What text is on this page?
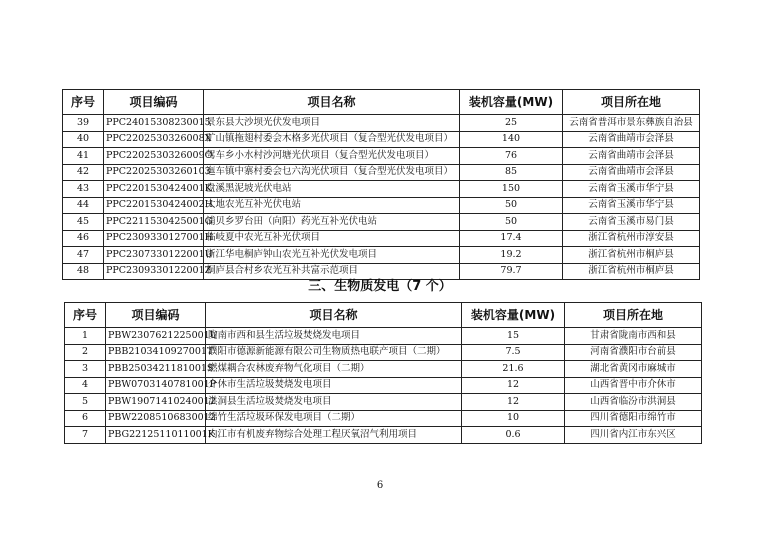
序号	项目编码	项目名称	装机容量(MW)	项目所在地
39	PPC24015308230015	景东县大沙坝光伏发电项目	25	云南省普洱市景东彝族自治县
40	PPC2202530326008X	矿山镇拖翅村委会木格多光伏项目（复合型光伏发电项目）	140	云南省曲靖市会泽县
41	PPC2202530326009O	驾车乡小水村沙河塘光伏项目（复合型光伏发电项目）	76	云南省曲靖市会泽县
42	PPC22025303260103	迤车镇中寨村委会乜六沟光伏项目（复合型光伏发电项目）	85	云南省曲靖市会泽县
43	PPC2201530424001K	盘溪黑泥坡光伏电站	150	云南省玉溪市华宁县
44	PPC2201530424002H	大地农光互补光伏电站	50	云南省玉溪市华宁县
45	PPC2211530425001G	浦贝乡罗台田（向阳）药光互补光伏电站	50	云南省玉溪市易门县
46	PPC2309330127001H	临岐夏中农光互补光伏项目	17.4	浙江省杭州市淳安县
47	PPC2307330122001U	浙江华电桐庐钟山农光互补光伏发电项目	19.2	浙江省杭州市桐庐县
48	PPC2309330122001Z	桐庐县合村乡农光互补共富示范项目	79.7	浙江省杭州市桐庐县
三、生物质发电（7 个）
序号	项目编码	项目名称	装机容量(MW)	项目所在地
1	PBW2307621225001U	陇南市西和县生活垃圾焚烧发电项目	15	甘肃省陇南市西和县
2	PBB2103410927001T	濮阳市德源新能源有限公司生物质热电联产项目（二期）	7.5	河南省濮阳市台前县
3	PBB2503421181001S	燃煤耦合农林废弃物气化项目（二期）	21.6	湖北省黄冈市麻城市
4	PBW0703140781001P	介休市生活垃圾焚烧发电项目	12	山西省晋中市介休市
5	PBW19071410240012	洪洞县生活垃圾焚烧发电项目	12	山西省临汾市洪洞县
6	PBW22085106830012	绵竹生活垃圾环保发电项目（二期）	10	四川省德阳市绵竹市
7	PBG2212511011001K	内江市有机废弃物综合处理工程厌氧沼气利用项目	0.6	四川省内江市东兴区
6
